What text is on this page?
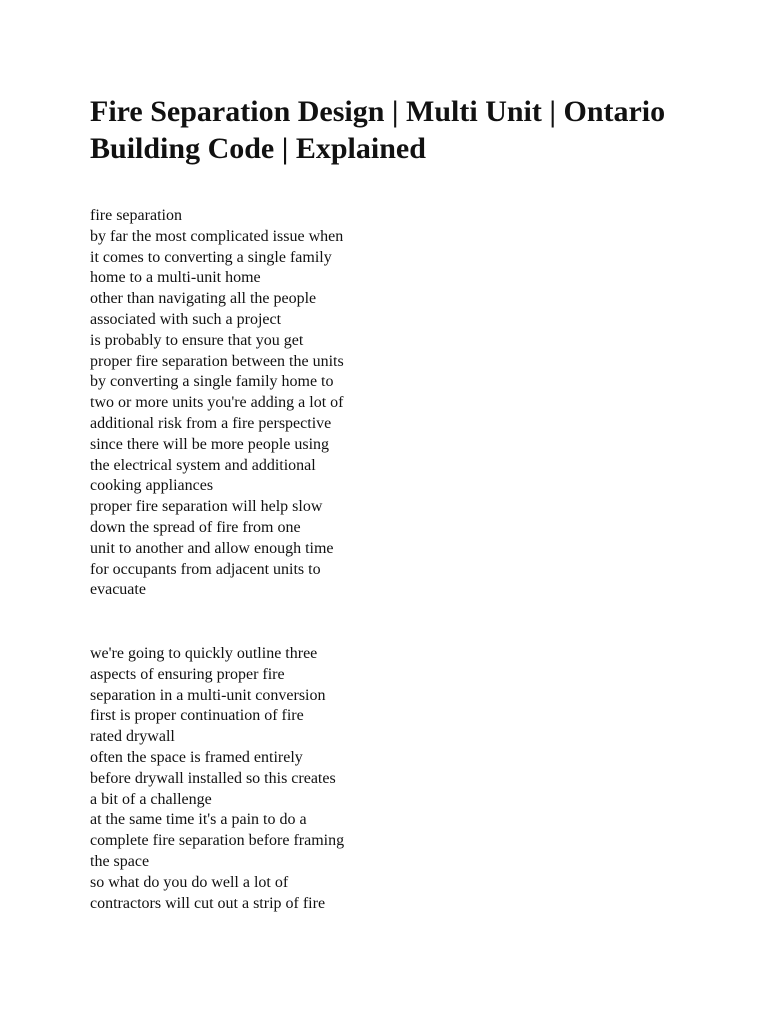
Fire Separation Design | Multi Unit | Ontario
Building Code | Explained
fire separation
by far the most complicated issue when
it comes to converting a single family
home to a multi-unit home
other than navigating all the people
associated with such a project
is probably to ensure that you get
proper fire separation between the units
by converting a single family home to
two or more units you're adding a lot of
additional risk from a fire perspective
since there will be more people using
the electrical system and additional
cooking appliances
proper fire separation will help slow
down the spread of fire from one
unit to another and allow enough time
for occupants from adjacent units to
evacuate
we're going to quickly outline three
aspects of ensuring proper fire
separation in a multi-unit conversion
first is proper continuation of fire
rated drywall
often the space is framed entirely
before drywall installed so this creates
a bit of a challenge
at the same time it's a pain to do a
complete fire separation before framing
the space
so what do you do well a lot of
contractors will cut out a strip of fire
